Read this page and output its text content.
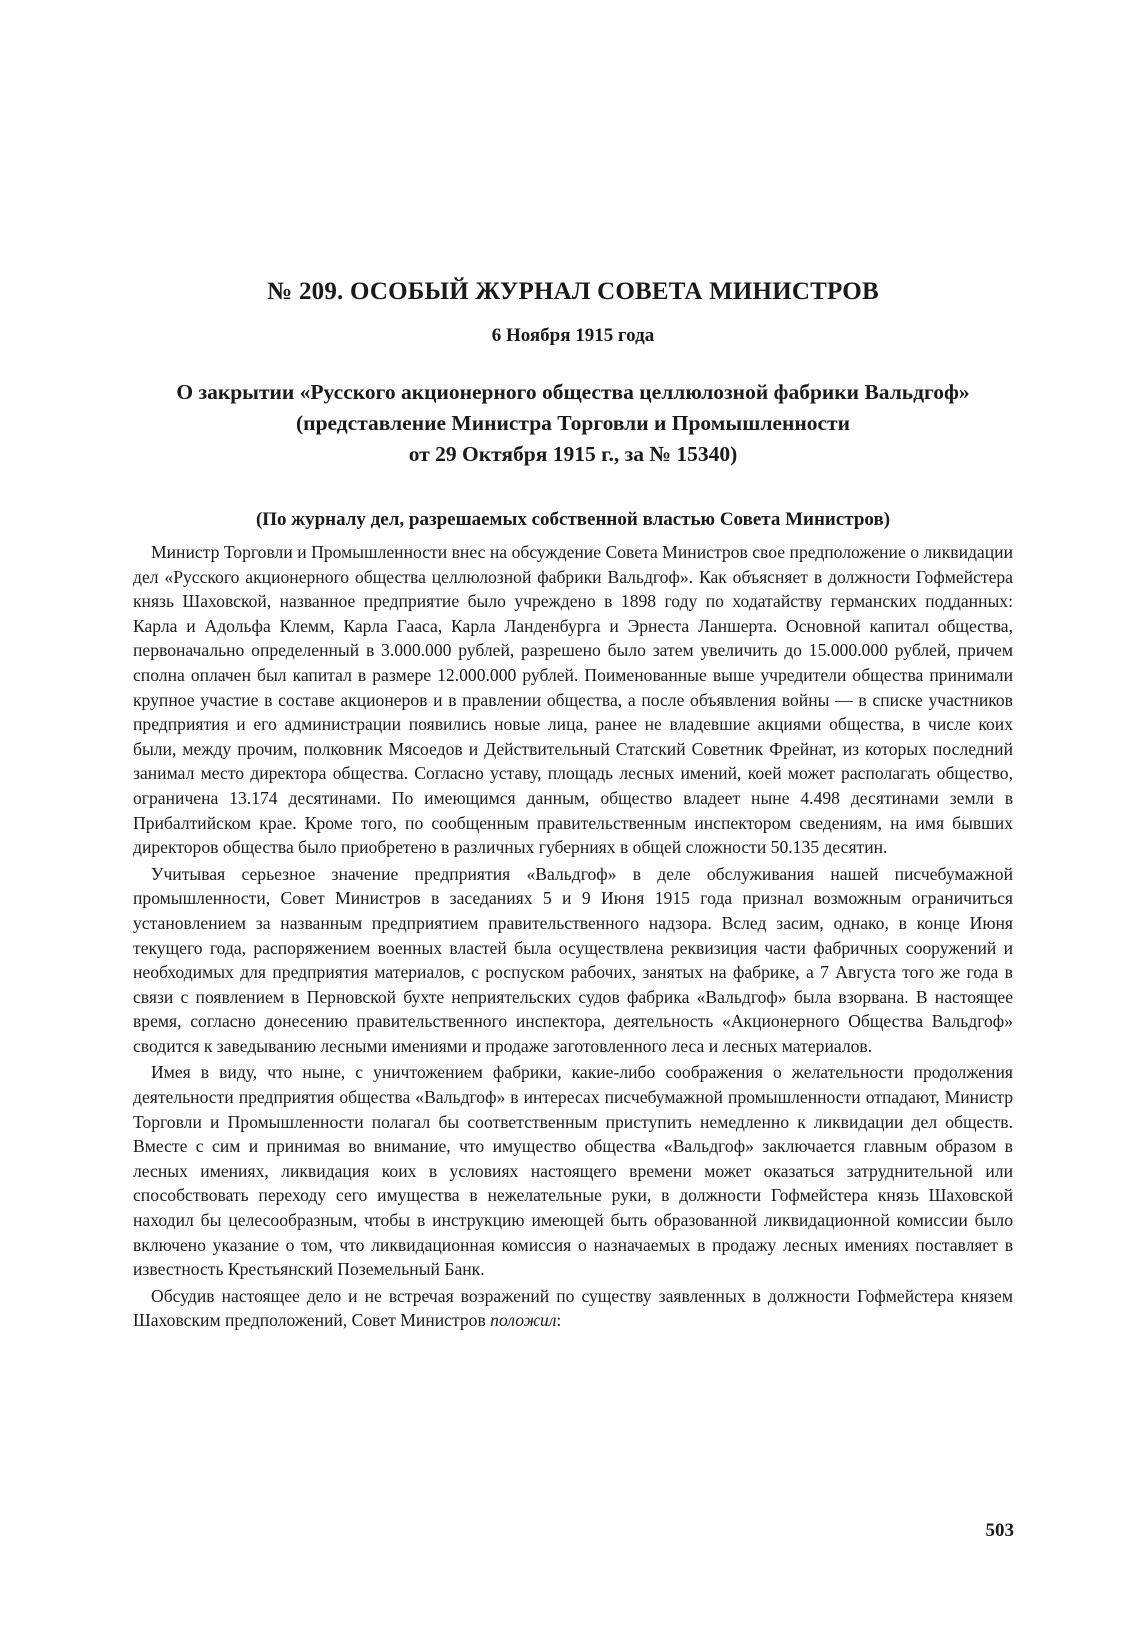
№ 209. ОСОБЫЙ ЖУРНАЛ СОВЕТА МИНИСТРОВ
6 Ноября 1915 года
О закрытии «Русского акционерного общества целлюлозной фабрики Вальдгоф»
(представление Министра Торговли и Промышленности
от 29 Октября 1915 г., за № 15340)
(По журналу дел, разрешаемых собственной властью Совета Министров)

Министр Торговли и Промышленности внес на обсуждение Совета Министров свое предположение о ликвидации дел «Русского акционерного общества целлюлозной фабрики Вальдгоф». Как объясняет в должности Гофмейстера князь Шаховской, названное предприятие было учреждено в 1898 году по ходатайству германских подданных: Карла и Адольфа Клемм, Карла Гааса, Карла Ланденбурга и Эрнеста Ланшерта. Основной капитал общества, первоначально определенный в 3.000.000 рублей, разрешено было затем увеличить до 15.000.000 рублей, причем сполна оплачен был капитал в размере 12.000.000 рублей. Поименованные выше учредители общества принимали крупное участие в составе акционеров и в правлении общества, а после объявления войны — в списке участников предприятия и его администрации появились новые лица, ранее не владевшие акциями общества, в числе коих были, между прочим, полковник Мясоедов и Действительный Статский Советник Фрейнат, из которых последний занимал место директора общества. Согласно уставу, площадь лесных имений, коей может располагать общество, ограничена 13.174 десятинами. По имеющимся данным, общество владеет ныне 4.498 десятинами земли в Прибалтийском крае. Кроме того, по сообщенным правительственным инспектором сведениям, на имя бывших директоров общества было приобретено в различных губерниях в общей сложности 50.135 десятин.

Учитывая серьезное значение предприятия «Вальдгоф» в деле обслуживания нашей писчебумажной промышленности, Совет Министров в заседаниях 5 и 9 Июня 1915 года признал возможным ограничиться установлением за названным предприятием правительственного надзора. Вслед засим, однако, в конце Июня текущего года, распоряжением военных властей была осуществлена реквизиция части фабричных сооружений и необходимых для предприятия материалов, с роспуском рабочих, занятых на фабрике, а 7 Августа того же года в связи с появлением в Перновской бухте неприятельских судов фабрика «Вальдгоф» была взорвана. В настоящее время, согласно донесению правительственного инспектора, деятельность «Акционерного Общества Вальдгоф» сводится к заведыванию лесными имениями и продаже заготовленного леса и лесных материалов.

Имея в виду, что ныне, с уничтожением фабрики, какие-либо соображения о желательности продолжения деятельности предприятия общества «Вальдгоф» в интересах писчебумажной промышленности отпадают, Министр Торговли и Промышленности полагал бы соответственным приступить немедленно к ликвидации дел обществ. Вместе с сим и принимая во внимание, что имущество общества «Вальдгоф» заключается главным образом в лесных имениях, ликвидация коих в условиях настоящего времени может оказаться затруднительной или способствовать переходу сего имущества в нежелательные руки, в должности Гофмейстера князь Шаховской находил бы целесообразным, чтобы в инструкцию имеющей быть образованной ликвидационной комиссии было включено указание о том, что ликвидационная комиссия о назначаемых в продажу лесных имениях поставляет в известность Крестьянский Поземельный Банк.

Обсудив настоящее дело и не встречая возражений по существу заявленных в должности Гофмейстера князем Шаховским предположений, Совет Министров положил:

503
